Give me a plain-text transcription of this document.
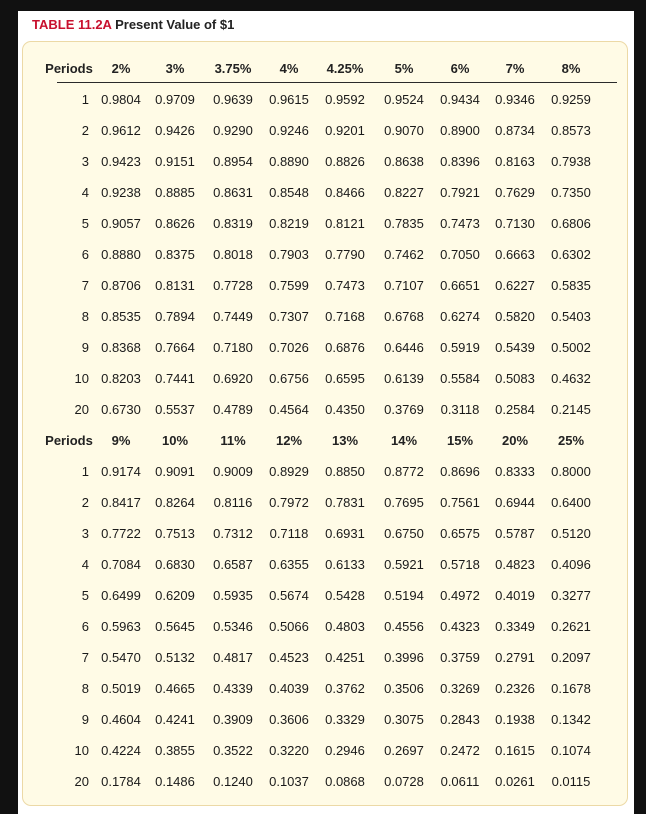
TABLE 11.2A Present Value of $1
Periods	2%	3%	3.75%	4%	4.25%	5%	6%	7%	8%
1 0.9804	0.9709	0.9639	0.9615	0.9592	0.9524	0.9434	0.9346	0.9259
2 0.9612	0.9426	0.9290	0.9246	0.9201	0.9070	0.8900	0.8734	0.8573
3 0.9423	0.9151	0.8954	0.8890	0.8826	0.8638	0.8396	0.8163	0.7938
4 0.9238	0.8885	0.8631	0.8548	0.8466	0.8227	0.7921	0.7629	0.7350
5 0.9057	0.8626	0.8319	0.8219	0.8121	0.7835	0.7473	0.7130	0.6806
6 0.8880	0.8375	0.8018	0.7903	0.7790	0.7462	0.7050	0.6663	0.6302
7 0.8706	0.8131	0.7728	0.7599	0.7473	0.7107	0.6651	0.6227	0.5835
8 0.8535	0.7894	0.7449	0.7307	0.7168	0.6768	0.6274	0.5820	0.5403
9 0.8368	0.7664	0.7180	0.7026	0.6876	0.6446	0.5919	0.5439	0.5002
10 0.8203	0.7441	0.6920	0.6756	0.6595	0.6139	0.5584	0.5083	0.4632
20 0.6730	0.5537	0.4789	0.4564	0.4350	0.3769	0.3118	0.2584	0.2145
Periods	9%	10%	11%	12%	13%	14%	15%	20%	25%
1 0.9174	0.9091	0.9009	0.8929	0.8850	0.8772	0.8696	0.8333	0.8000
2 0.8417	0.8264	0.8116	0.7972	0.7831	0.7695	0.7561	0.6944	0.6400
3 0.7722	0.7513	0.7312	0.7118	0.6931	0.6750	0.6575	0.5787	0.5120
4 0.7084	0.6830	0.6587	0.6355	0.6133	0.5921	0.5718	0.4823	0.4096
5 0.6499	0.6209	0.5935	0.5674	0.5428	0.5194	0.4972	0.4019	0.3277
6 0.5963	0.5645	0.5346	0.5066	0.4803	0.4556	0.4323	0.3349	0.2621
7 0.5470	0.5132	0.4817	0.4523	0.4251	0.3996	0.3759	0.2791	0.2097
8 0.5019	0.4665	0.4339	0.4039	0.3762	0.3506	0.3269	0.2326	0.1678
9 0.4604	0.4241	0.3909	0.3606	0.3329	0.3075	0.2843	0.1938	0.1342
10 0.4224	0.3855	0.3522	0.3220	0.2946	0.2697	0.2472	0.1615	0.1074
20 0.1784	0.1486	0.1240	0.1037	0.0868	0.0728	0.0611	0.0261	0.0115
